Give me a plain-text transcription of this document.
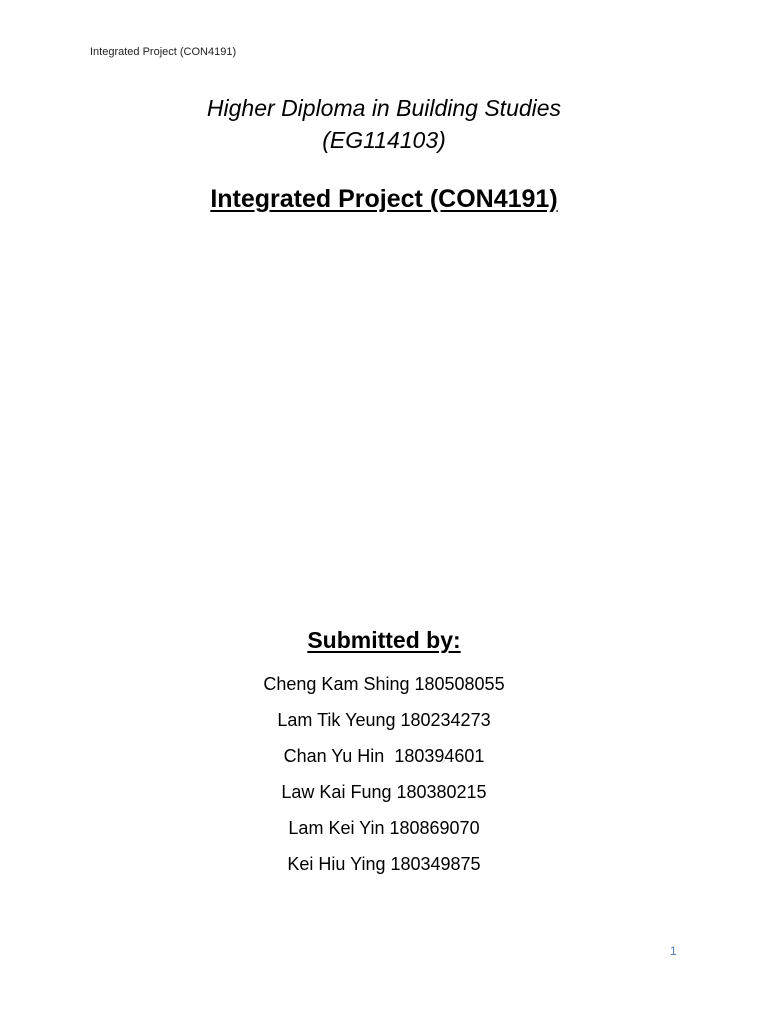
Integrated Project (CON4191)
Higher Diploma in Building Studies
(EG114103)
Integrated Project (CON4191)
Submitted by:
Cheng Kam Shing 180508055
Lam Tik Yeung 180234273
Chan Yu Hin  180394601
Law Kai Fung 180380215
Lam Kei Yin 180869070
Kei Hiu Ying 180349875
1
